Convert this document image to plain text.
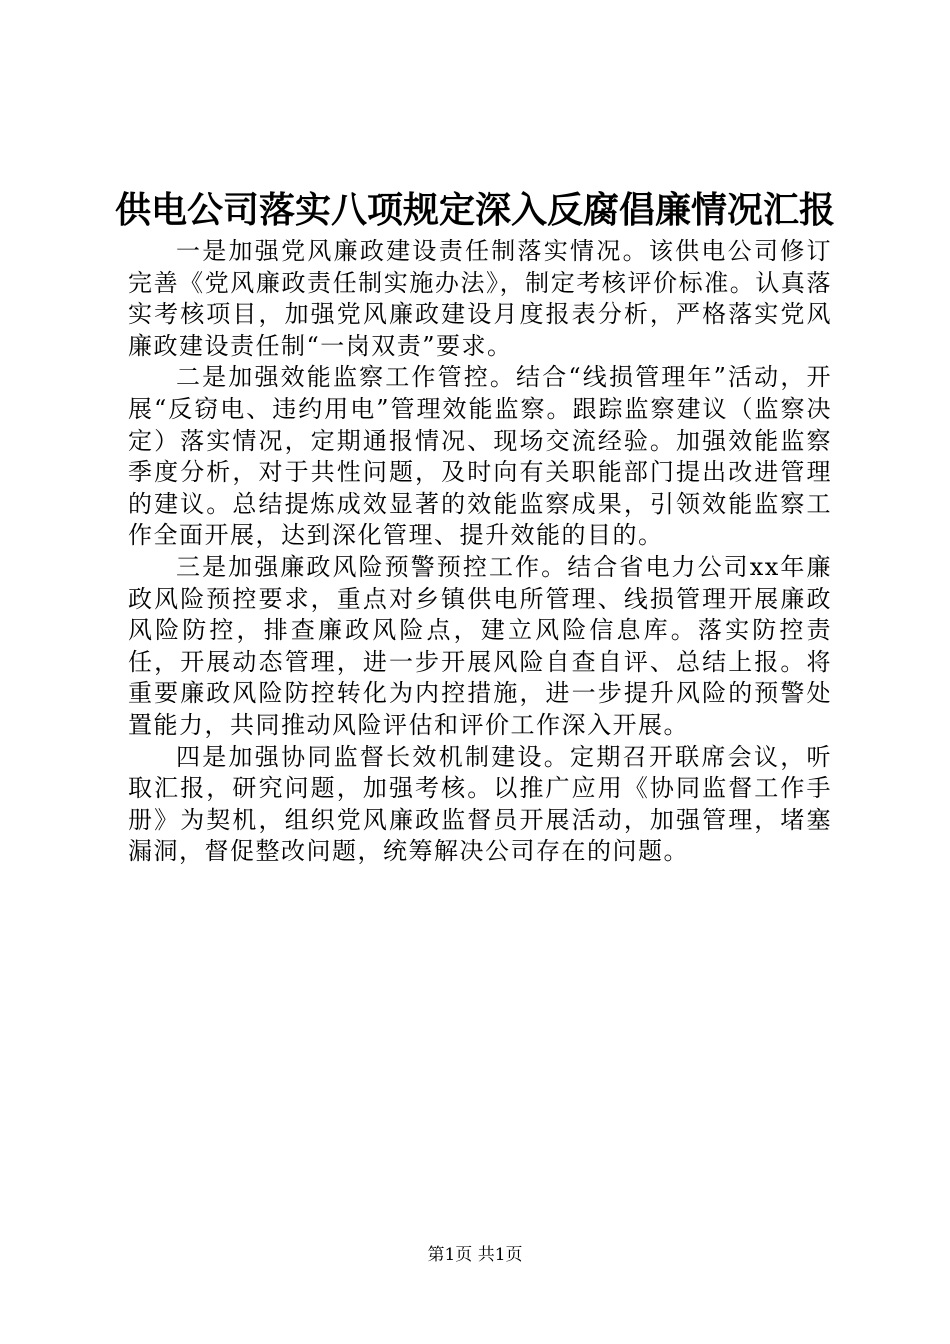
供电公司落实八项规定深入反腐倡廉情况汇报

一是加强党风廉政建设责任制落实情况。该供电公司修订完善《党风廉政责任制实施办法》，制定考核评价标准。认真落实考核项目，加强党风廉政建设月度报表分析，严格落实党风廉政建设责任制“一岗双责”要求。

二是加强效能监察工作管控。结合“线损管理年”活动，开展“反窃电、违约用电”管理效能监察。跟踪监察建议（监察决定）落实情况，定期通报情况、现场交流经验。加强效能监察季度分析，对于共性问题，及时向有关职能部门提出改进管理的建议。总结提炼成效显著的效能监察成果，引领效能监察工作全面开展，达到深化管理、提升效能的目的。

三是加强廉政风险预警预控工作。结合省电力公司xx年廉政风险预控要求，重点对乡镇供电所管理、线损管理开展廉政风险防控，排查廉政风险点，建立风险信息库。落实防控责任，开展动态管理，进一步开展风险自查自评、总结上报。将重要廉政风险防控转化为内控措施，进一步提升风险的预警处置能力，共同推动风险评估和评价工作深入开展。

四是加强协同监督长效机制建设。定期召开联席会议，听取汇报，研究问题，加强考核。以推广应用《协同监督工作手册》为契机，组织党风廉政监督员开展活动，加强管理，堵塞漏洞，督促整改问题，统筹解决公司存在的问题。

第1页 共1页
